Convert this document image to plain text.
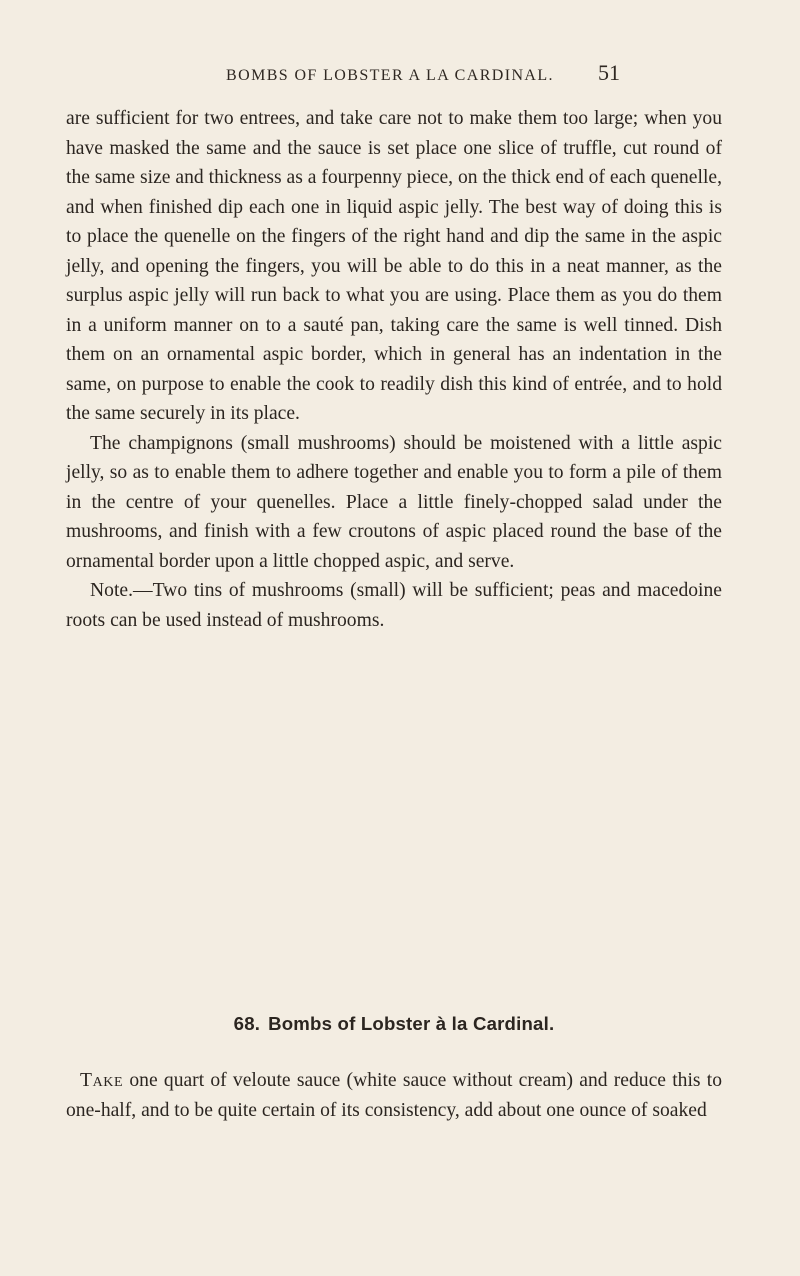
BOMBS OF LOBSTER A LA CARDINAL.	51

are sufficient for two entrees, and take care not to make them too large; when you have masked the same and the sauce is set place one slice of truffle, cut round of the same size and thickness as a fourpenny piece, on the thick end of each quenelle, and when finished dip each one in liquid aspic jelly. The best way of doing this is to place the quenelle on the fingers of the right hand and dip the same in the aspic jelly, and opening the fingers, you will be able to do this in a neat manner, as the surplus aspic jelly will run back to what you are using. Place them as you do them in a uniform manner on to a sauté pan, taking care the same is well tinned. Dish them on an ornamental aspic border, which in general has an indentation in the same, on purpose to enable the cook to readily dish this kind of entrée, and to hold the same securely in its place.

The champignons (small mushrooms) should be moistened with a little aspic jelly, so as to enable them to adhere together and enable you to form a pile of them in the centre of your quenelles. Place a little finely-chopped salad under the mushrooms, and finish with a few croutons of aspic placed round the base of the ornamental border upon a little chopped aspic, and serve.

Note.—Two tins of mushrooms (small) will be sufficient; peas and macedoine roots can be used instead of mushrooms.

68. Bombs of Lobster à la Cardinal.

Take one quart of veloute sauce (white sauce without cream) and reduce this to one-half, and to be quite certain of its consistency, add about one ounce of soaked
